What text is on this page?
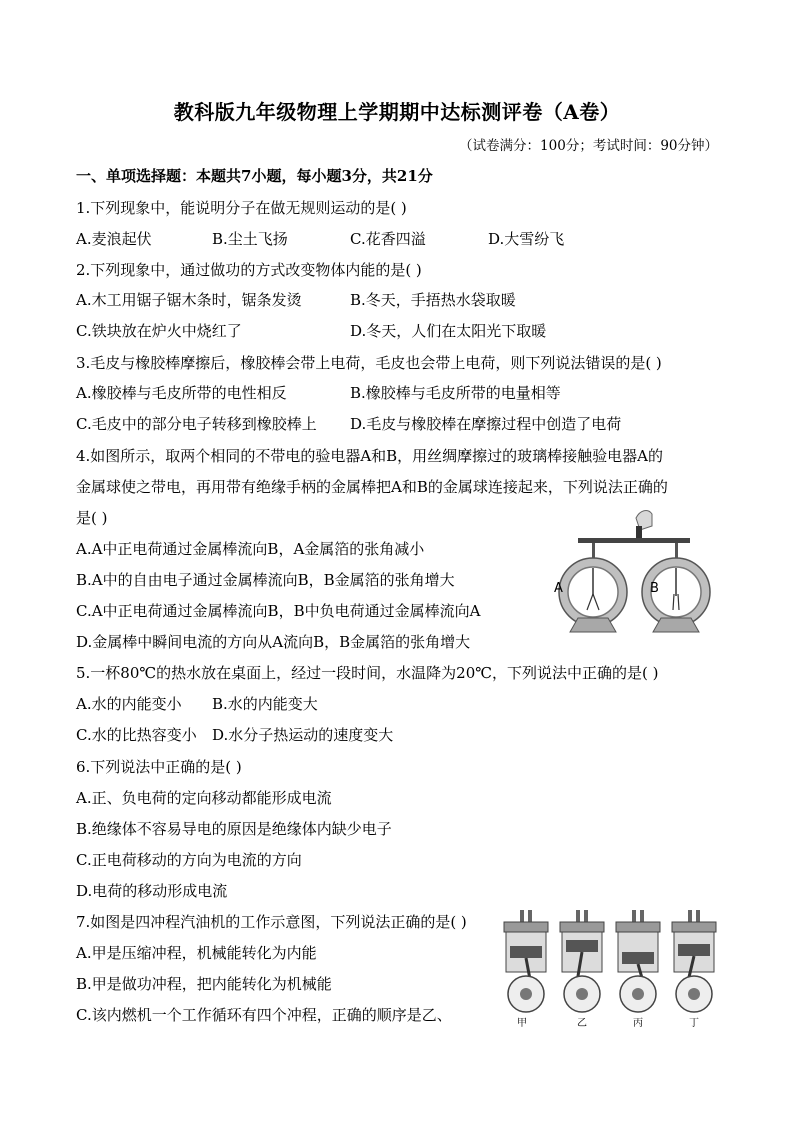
教科版九年级物理上学期期中达标测评卷（A卷）
（试卷满分：100分；考试时间：90分钟）
一、单项选择题：本题共7小题，每小题3分，共21分
1.下列现象中，能说明分子在做无规则运动的是( )
A.麦浪起伏	B.尘土飞扬	C.花香四溢	D.大雪纷飞
2.下列现象中，通过做功的方式改变物体内能的是( )
A.木工用锯子锯木条时，锯条发烫	B.冬天，手捂热水袋取暖
C.铁块放在炉火中烧红了	D.冬天，人们在太阳光下取暖
3.毛皮与橡胶棒摩擦后，橡胶棒会带上电荷，毛皮也会带上电荷，则下列说法错误的是( )
A.橡胶棒与毛皮所带的电性相反	B.橡胶棒与毛皮所带的电量相等
C.毛皮中的部分电子转移到橡胶棒上 D.毛皮与橡胶棒在摩擦过程中创造了电荷
4.如图所示，取两个相同的不带电的验电器A和B，用丝绸摩擦过的玻璃棒接触验电器A的
金属球使之带电，再用带有绝缘手柄的金属棒把A和B的金属球连接起来，下列说法正确的
是( )
A.A中正电荷通过金属棒流向B，A金属箔的张角减小
B.A中的自由电子通过金属棒流向B，B金属箔的张角增大
C.A中正电荷通过金属棒流向B，B中负电荷通过金属棒流向A
D.金属棒中瞬间电流的方向从A流向B，B金属箔的张角增大
A	B
5.一杯80℃的热水放在桌面上，经过一段时间，水温降为20℃，下列说法中正确的是( )
A.水的内能变小 B.水的内能变大
C.水的比热容变小 D.水分子热运动的速度变大
6.下列说法中正确的是( )
A.正、负电荷的定向移动都能形成电流
B.绝缘体不容易导电的原因是绝缘体内缺少电子
C.正电荷移动的方向为电流的方向
D.电荷的移动形成电流
7.如图是四冲程汽油机的工作示意图，下列说法正确的是( )
A.甲是压缩冲程，机械能转化为内能
B.甲是做功冲程，把内能转化为机械能
C.该内燃机一个工作循环有四个冲程，正确的顺序是乙、	甲	乙	丙	丁
